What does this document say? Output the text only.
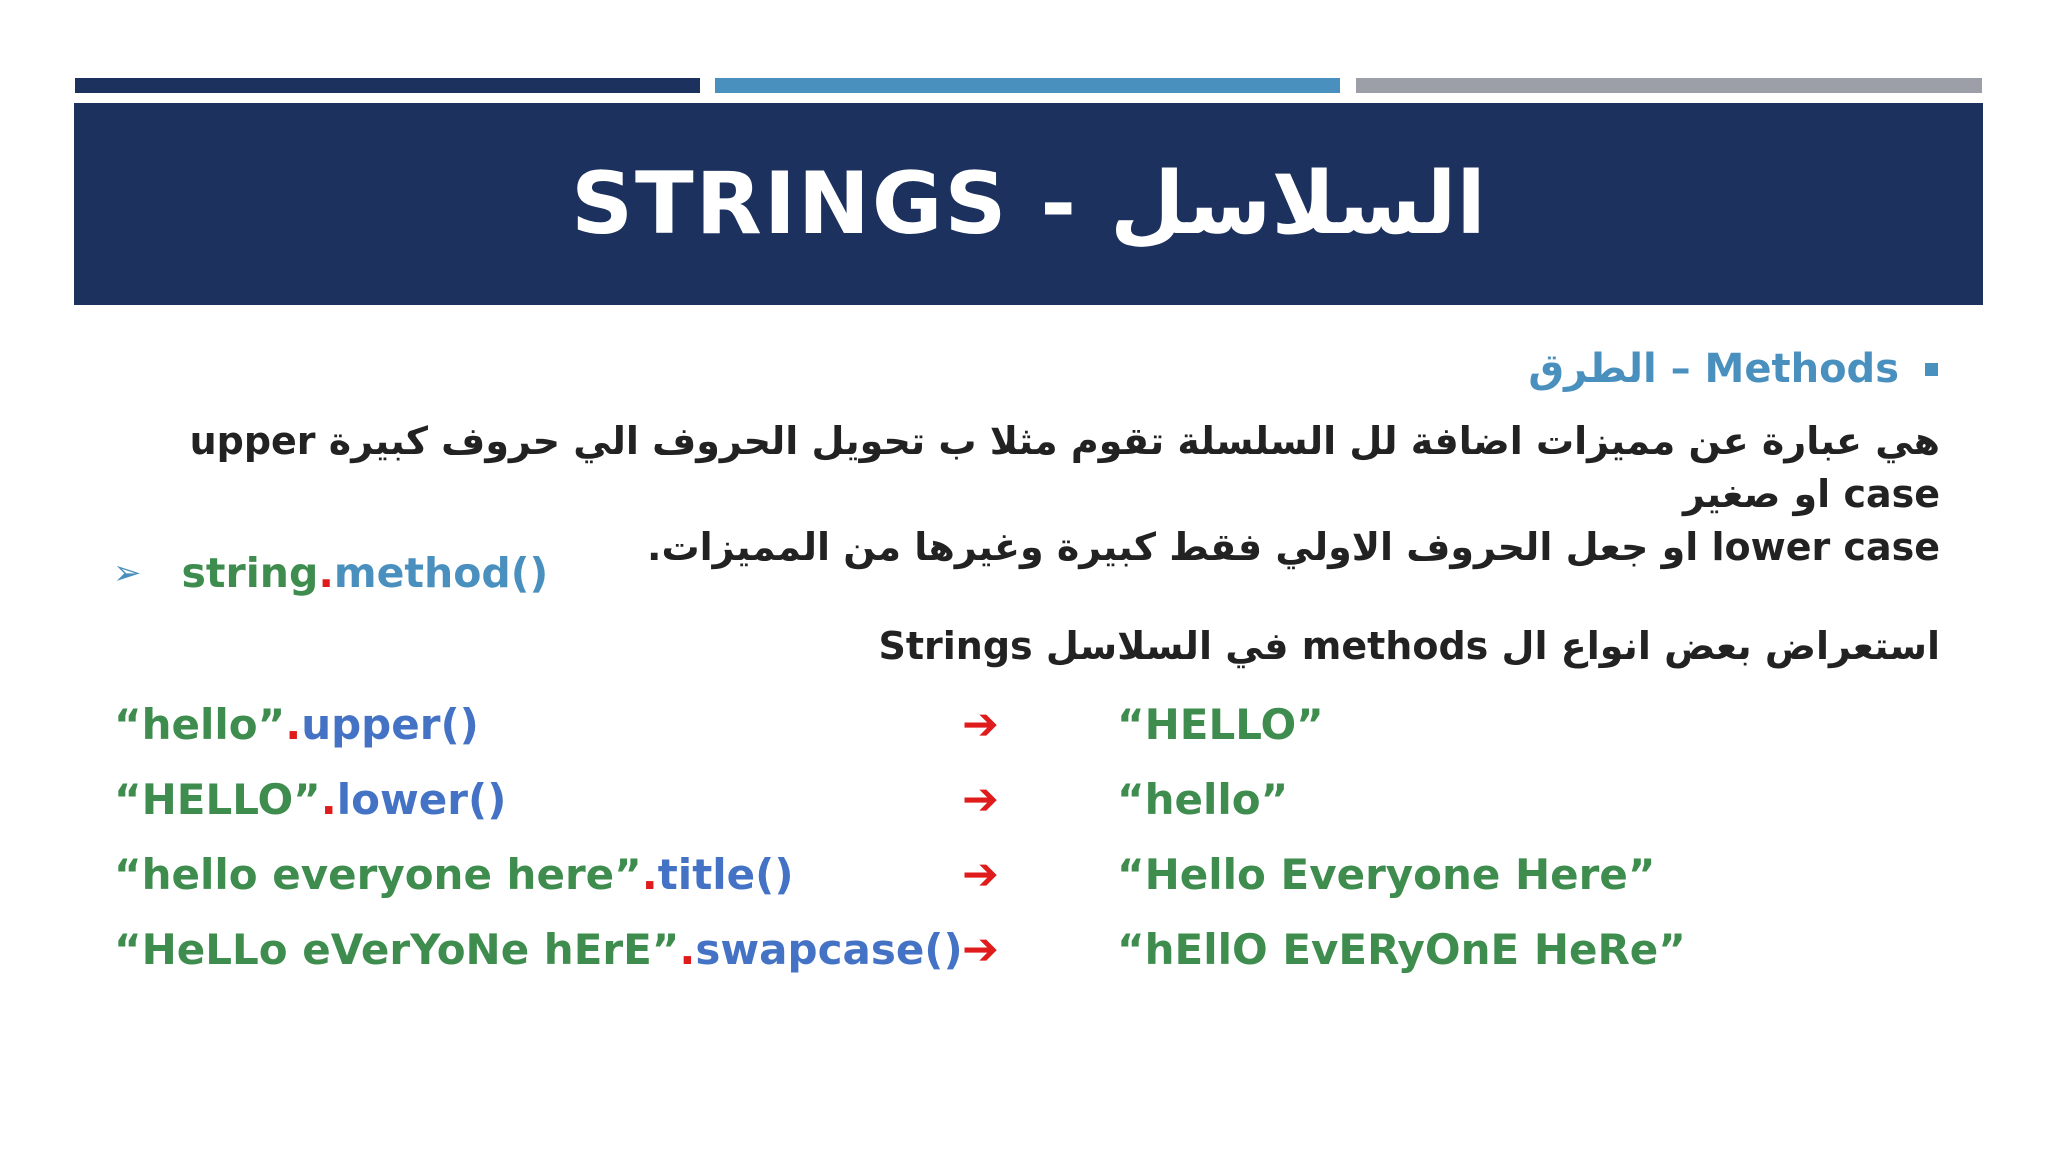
STRINGS - السلاسل
Methods – الطرق
هي عبارة عن مميزات اضافة لل السلسلة تقوم مثلا ب تحويل الحروف الي حروف كبيرة upper case او صغير
lower case او جعل الحروف الاولي فقط كبيرة وغيرها من المميزات.
➢ string.method()
استعراض بعض انواع ال methods في السلاسل Strings
“hello”.upper()	➔	“HELLO”
“HELLO”.lower()	➔	“hello”
“hello everyone here”.title()	➔	“Hello Everyone Here”
“HeLLo eVerYoNe hErE”.swapcase() ➔	“hEllO EvERyOnE HeRe”
